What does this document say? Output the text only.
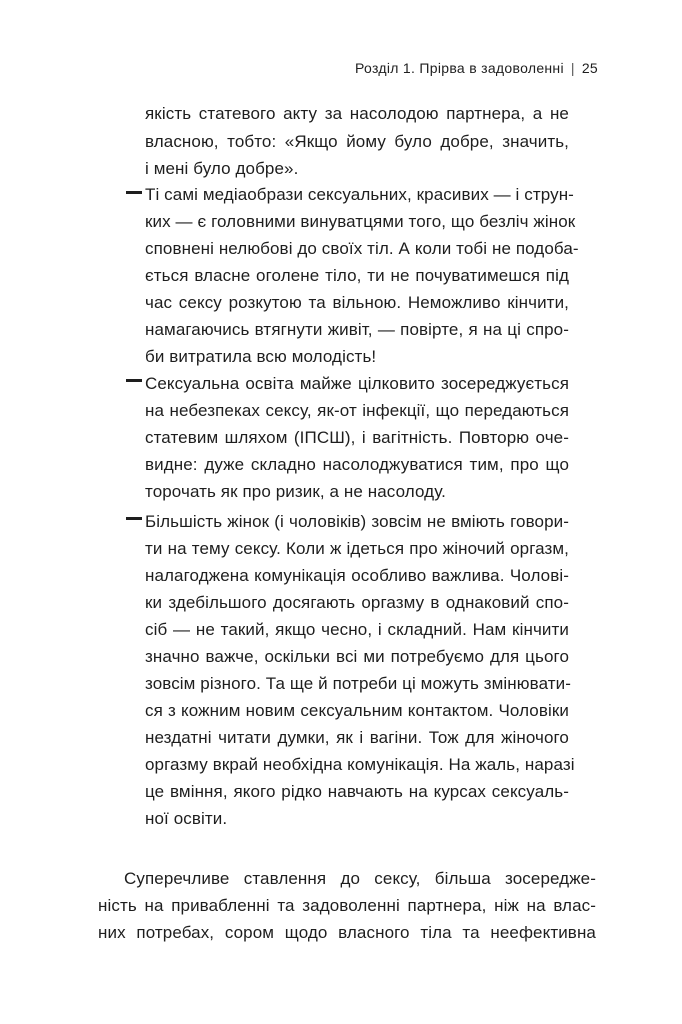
Розділ 1. Прірва в задоволенні | 25
якість статевого акту за насолодою партнера, а не
власною, тобто: «Якщо йому було добре, значить,
і мені було добре».
Ті самі медіаобрази сексуальних, красивих — і струн-
ких — є головними винуватцями того, що безліч жінок
сповнені нелюбові до своїх тіл. А коли тобі не подоба-
ється власне оголене тіло, ти не почуватимешся під
час сексу розкутою та вільною. Неможливо кінчити,
намагаючись втягнути живіт, — повірте, я на ці спро-
би витратила всю молодість!
Сексуальна освіта майже цілковито зосереджується
на небезпеках сексу, як-от інфекції, що передаються
статевим шляхом (ІПСШ), і вагітність. Повторю оче-
видне: дуже складно насолоджуватися тим, про що
торочать як про ризик, а не насолоду.
Більшість жінок (і чоловіків) зовсім не вміють говори-
ти на тему сексу. Коли ж ідеться про жіночий оргазм,
налагоджена комунікація особливо важлива. Чолові-
ки здебільшого досягають оргазму в однаковий спо-
сіб — не такий, якщо чесно, і складний. Нам кінчити
значно важче, оскільки всі ми потребуємо для цього
зовсім різного. Та ще й потреби ці можуть змінювати-
ся з кожним новим сексуальним контактом. Чоловіки
нездатні читати думки, як і вагіни. Тож для жіночого
оргазму вкрай необхідна комунікація. На жаль, наразі
це вміння, якого рідко навчають на курсах сексуаль-
ної освіти.
Суперечливе ставлення до сексу, більша зосередже-
ність на привабленні та задоволенні партнера, ніж на влас-
них потребах, сором щодо власного тіла та неефективна
